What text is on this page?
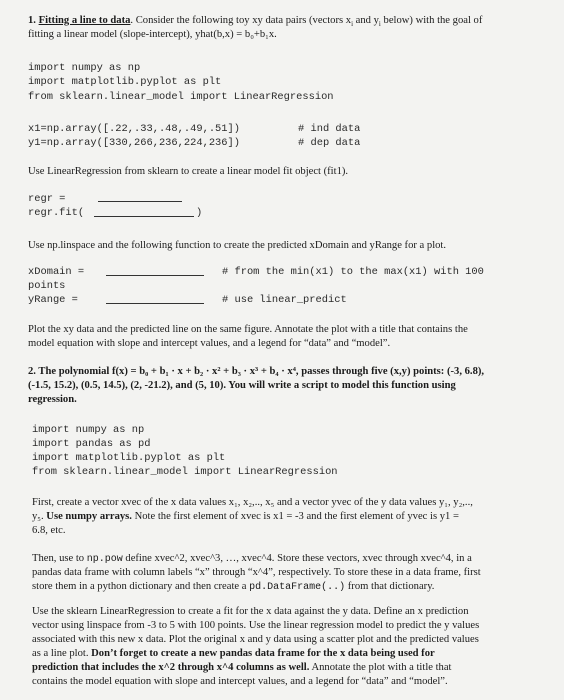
1. Fitting a line to data. Consider the following toy xy data pairs (vectors $x_i$ and $y_i$ below) with the goal of
fitting a linear model (slope-intercept), yhat(b,x) = b₀+b₁x.
import numpy as np
import matplotlib.pyplot as plt
from sklearn.linear_model import LinearRegression
x1=np.array([.22,.33,.48,.49,.51])	# ind data
y1=np.array([330,266,236,224,236])	# dep data
Use LinearRegression from sklearn to create a linear model fit object (fit1).
regr =
regr.fit(	)
Use np.linspace and the following function to create the predicted xDomain and yRange for a plot.
xDomain =	# from the min(x1) to the max(x1) with 100
points
yRange =	# use linear_predict
Plot the xy data and the predicted line on the same figure. Annotate the plot with a title that contains the
model equation with slope and intercept values, and a legend for “data” and “model”.
2. The polynomial f(x) = b₀ + b₁ · x + b₂ · x² + b₃ · x³ + b₄ · x⁴, passes through five (x,y) points: (-3, 6.8),
(-1.5, 15.2), (0.5, 14.5), (2, -21.2), and (5, 10). You will write a script to model this function using
regression.
import numpy as np
import pandas as pd
import matplotlib.pyplot as plt
from sklearn.linear_model import LinearRegression
First, create a vector xvec of the x data values x₁, x₂,.., x₅ and a vector yvec of the y data values y₁, y₂,..,
y₅. Use numpy arrays. Note the first element of xvec is x1 = -3 and the first element of yvec is y1 =
6.8, etc.
Then, use to np.pow define xvec^2, xvec^3, …, xvec^4. Store these vectors, xvec through xvec^4, in a
pandas data frame with column labels “x” through “x^4”, respectively. To store these in a data frame, first
store them in a python dictionary and then create a pd.DataFrame(..) from that dictionary.
Use the sklearn LinearRegression to create a fit for the x data against the y data. Define an x prediction
vector using linspace from -3 to 5 with 100 points. Use the linear regression model to predict the y values
associated with this new x data. Plot the original x and y data using a scatter plot and the predicted values
as a line plot. Don’t forget to create a new pandas data frame for the x data being used for
prediction that includes the x^2 through x^4 columns as well. Annotate the plot with a title that
contains the model equation with slope and intercept values, and a legend for “data” and “model”.
